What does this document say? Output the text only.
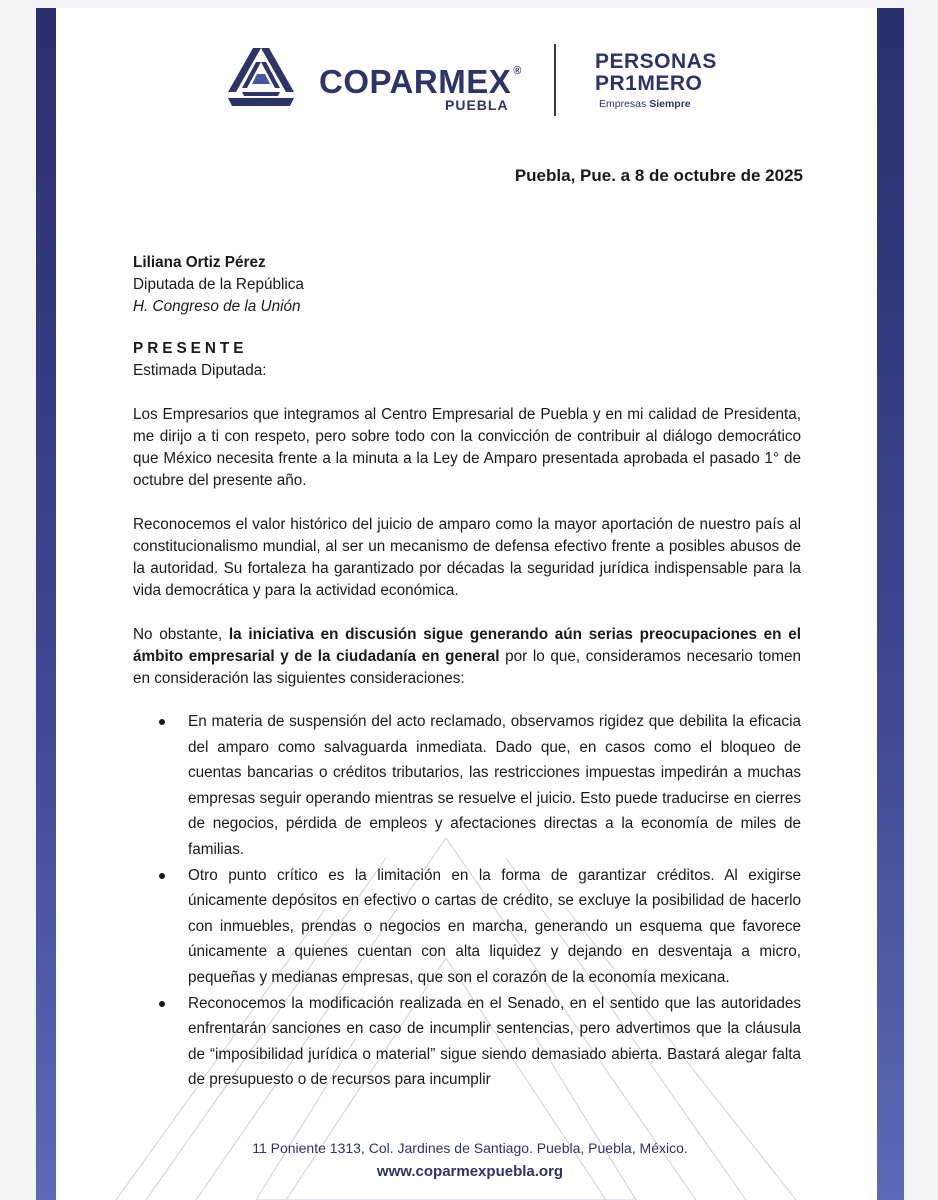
COPARMEX ®
PUEBLA
PERSONAS
PR1MERO
Empresas Siempre
Puebla, Pue. a 8 de octubre de 2025

Liliana Ortiz Pérez

Diputada de la República

H. Congreso de la Unión

PRESENTE

Estimada Diputada:

Los Empresarios que integramos al Centro Empresarial de Puebla y en mi calidad de Presidenta, me dirijo a ti con respeto, pero sobre todo con la convicción de contribuir al diálogo democrático que México necesita frente a la minuta a la Ley de Amparo presentada aprobada el pasado 1° de octubre del presente año.

Reconocemos el valor histórico del juicio de amparo como la mayor aportación de nuestro país al constitucionalismo mundial, al ser un mecanismo de defensa efectivo frente a posibles abusos de la autoridad. Su fortaleza ha garantizado por décadas la seguridad jurídica indispensable para la vida democrática y para la actividad económica.

No obstante, la iniciativa en discusión sigue generando aún serias preocupaciones en el ámbito empresarial y de la ciudadanía en general por lo que, consideramos necesario tomen en consideración las siguientes consideraciones:

En materia de suspensión del acto reclamado, observamos rigidez que debilita la eficacia del amparo como salvaguarda inmediata. Dado que, en casos como el bloqueo de cuentas bancarias o créditos tributarios, las restricciones impuestas impedirán a muchas empresas seguir operando mientras se resuelve el juicio. Esto puede traducirse en cierres de negocios, pérdida de empleos y afectaciones directas a la economía de miles de familias.
Otro punto crítico es la limitación en la forma de garantizar créditos. Al exigirse únicamente depósitos en efectivo o cartas de crédito, se excluye la posibilidad de hacerlo con inmuebles, prendas o negocios en marcha, generando un esquema que favorece únicamente a quienes cuentan con alta liquidez y dejando en desventaja a micro, pequeñas y medianas empresas, que son el corazón de la economía mexicana.
Reconocemos la modificación realizada en el Senado, en el sentido que las autoridades enfrentarán sanciones en caso de incumplir sentencias, pero advertimos que la cláusula de “imposibilidad jurídica o material” sigue siendo demasiado abierta. Bastará alegar falta de presupuesto o de recursos para incumplir
11 Poniente 1313, Col. Jardines de Santiago. Puebla, Puebla, México.
www.coparmexpuebla.org
